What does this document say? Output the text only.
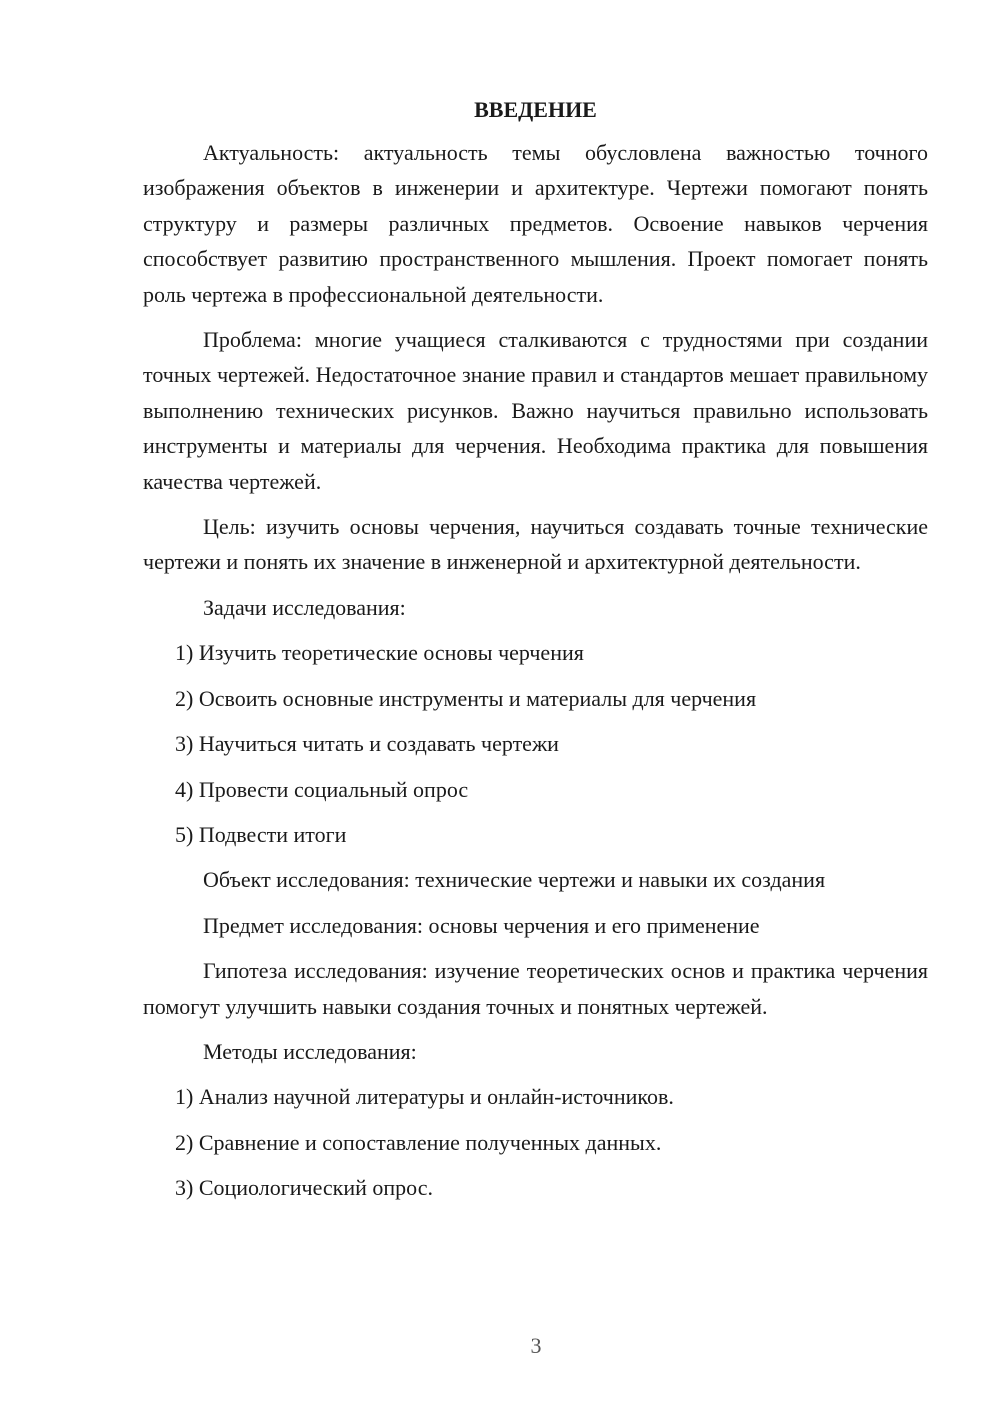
ВВЕДЕНИЕ

Актуальность: актуальность темы обусловлена важностью точного изображения объектов в инженерии и архитектуре. Чертежи помогают понять структуру и размеры различных предметов. Освоение навыков черчения способствует развитию пространственного мышления. Проект помогает понять роль чертежа в профессиональной деятельности.

Проблема: многие учащиеся сталкиваются с трудностями при создании точных чертежей. Недостаточное знание правил и стандартов мешает правильному выполнению технических рисунков. Важно научиться правильно использовать инструменты и материалы для черчения. Необходима практика для повышения качества чертежей.

Цель: изучить основы черчения, научиться создавать точные технические чертежи и понять их значение в инженерной и архитектурной деятельности.

Задачи исследования:

1) Изучить теоретические основы черчения

2) Освоить основные инструменты и материалы для черчения

3) Научиться читать и создавать чертежи

4) Провести социальный опрос

5) Подвести итоги

Объект исследования: технические чертежи и навыки их создания

Предмет исследования: основы черчения и его применение

Гипотеза исследования: изучение теоретических основ и практика черчения помогут улучшить навыки создания точных и понятных чертежей.

Методы исследования:

1) Анализ научной литературы и онлайн-источников.

2) Сравнение и сопоставление полученных данных.

3) Социологический опрос.

3
